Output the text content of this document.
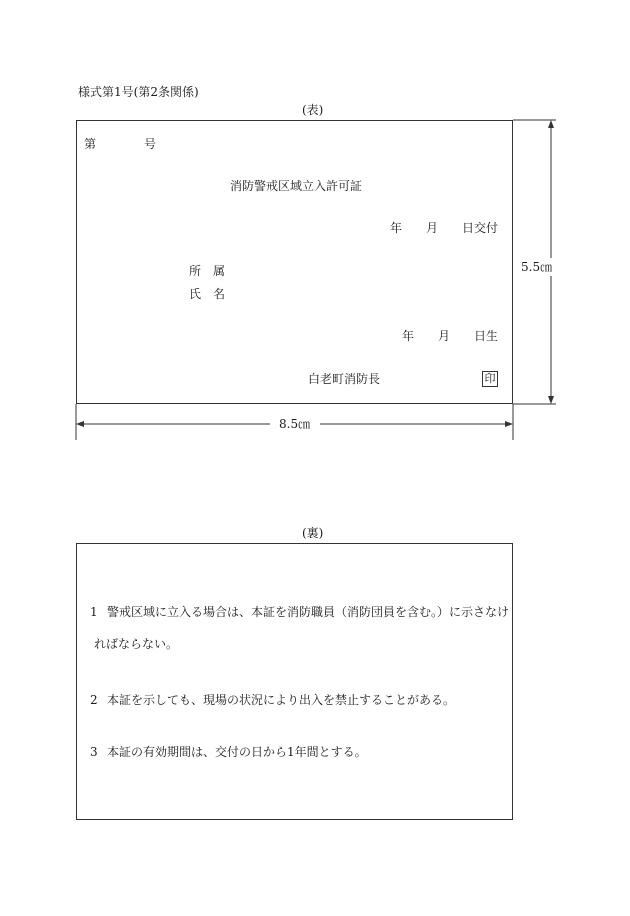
様式第1号(第2条関係)
(表)
第	号
消防警戒区域立入許可証
年 月 日交付
所　属
氏　名
年 月 日生
白老町消防長	印
5.5㎝
8.5㎝
(裏)
1 警戒区域に立入る場合は、本証を消防職員（消防団員を含む。）に示さなけ
ればならない。
2 本証を示しても、現場の状況により出入を禁止することがある。
3 本証の有効期間は、交付の日から1年間とする。
